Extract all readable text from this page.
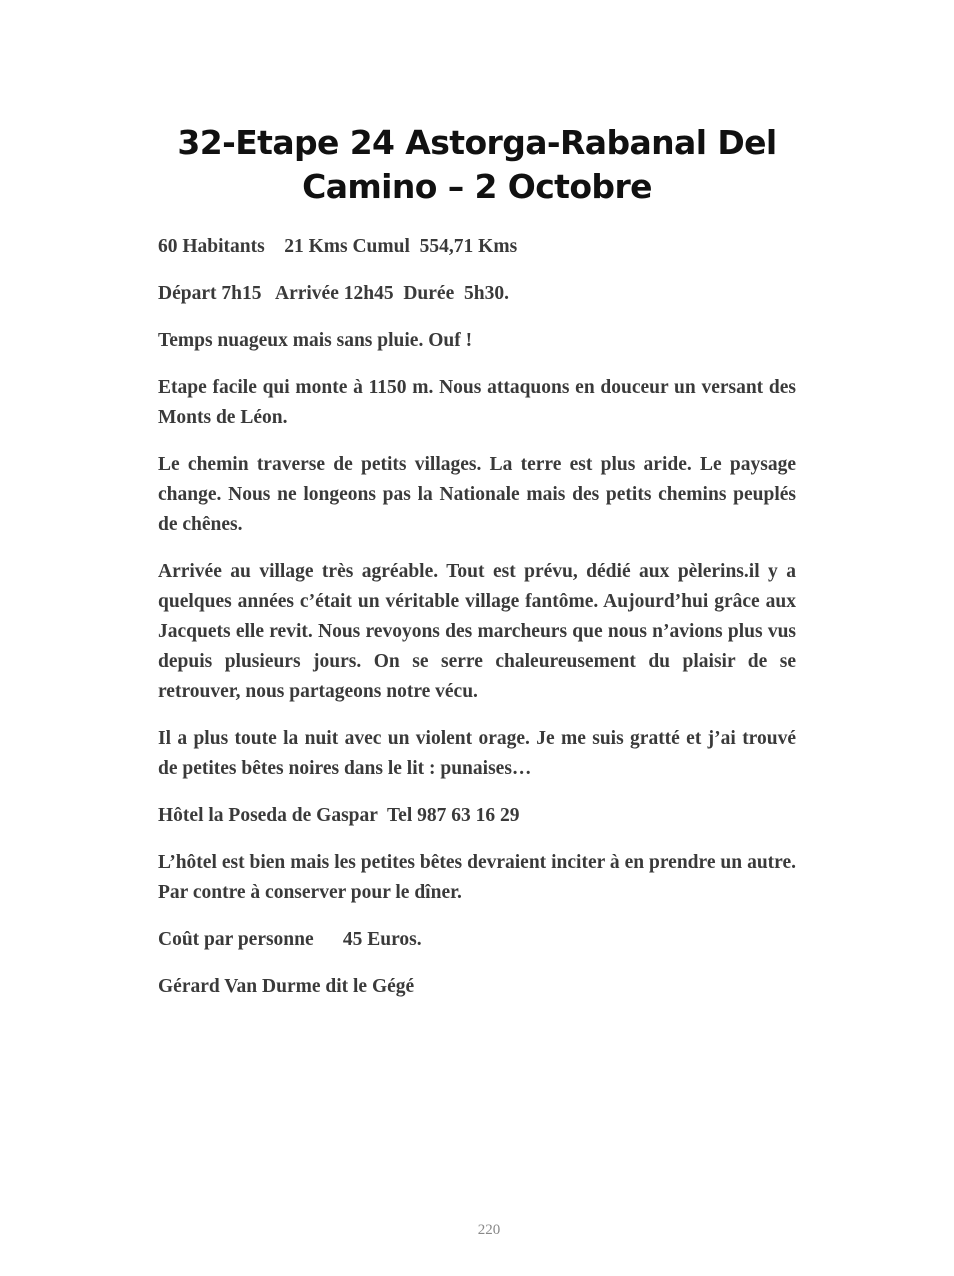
32-Etape 24 Astorga-Rabanal Del
Camino – 2 Octobre

60 Habitants    21 Kms Cumul  554,71 Kms

Départ 7h15   Arrivée 12h45  Durée  5h30.

Temps nuageux mais sans pluie. Ouf !

Etape facile qui monte à 1150 m. Nous attaquons en douceur un versant des Monts de Léon.

Le chemin traverse de petits villages. La terre est plus aride. Le paysage change. Nous ne longeons pas la Nationale mais des petits chemins peuplés de chênes.

Arrivée au village très agréable. Tout est prévu, dédié aux pèlerins.il y a quelques années c’était un véritable village fantôme. Aujourd’hui grâce aux Jacquets elle revit. Nous revoyons des marcheurs que nous n’avions plus vus depuis plusieurs jours. On se serre chaleureusement du plaisir de se retrouver, nous partageons notre vécu.

Il a plus toute la nuit avec un violent orage. Je me suis gratté et j’ai trouvé de petites bêtes noires dans le lit : punaises…

Hôtel la Poseda de Gaspar  Tel 987 63 16 29

L’hôtel est bien mais les petites bêtes devraient inciter à en prendre un autre. Par contre à conserver pour le dîner.

Coût par personne      45 Euros.

Gérard Van Durme dit le Gégé

220
